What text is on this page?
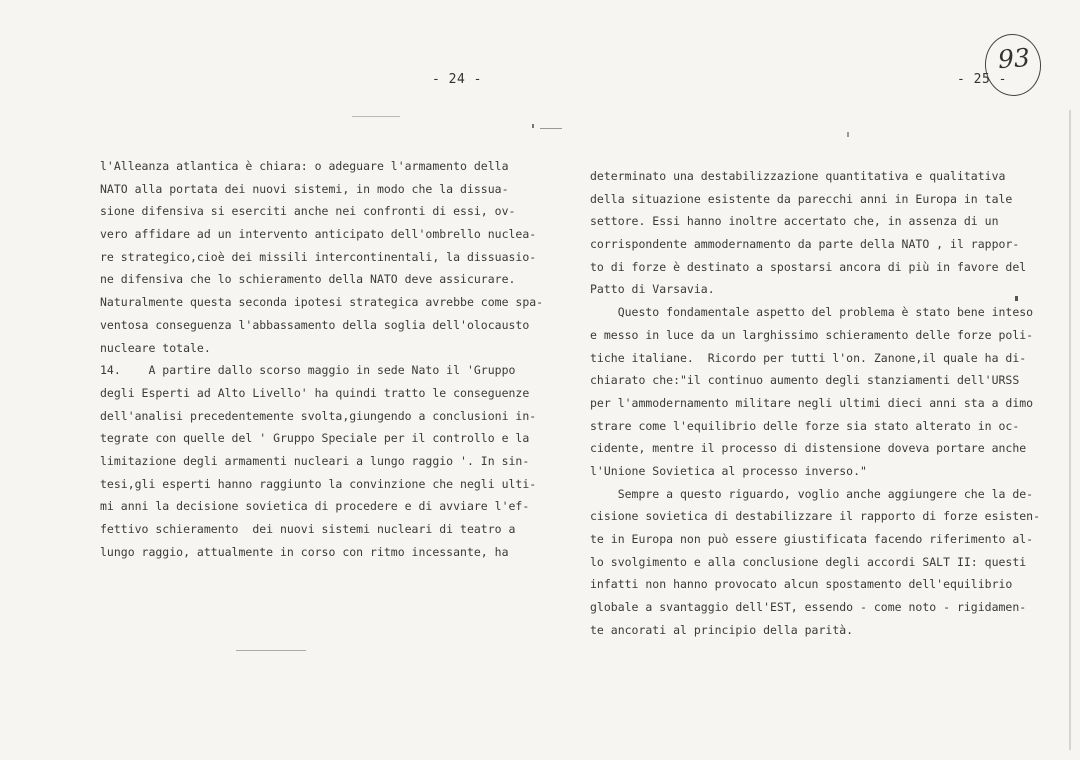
- 24 -	- 25 -
93
l'Alleanza atlantica è chiara: o adeguare l'armamento della
NATO alla portata dei nuovi sistemi, in modo che la dissua-
sione difensiva si eserciti anche nei confronti di essi, ov-
vero affidare ad un intervento anticipato dell'ombrello nuclea-
re strategico,cioè dei missili intercontinentali, la dissuasio-
ne difensiva che lo schieramento della NATO deve assicurare.
Naturalmente questa seconda ipotesi strategica avrebbe come spa-
ventosa conseguenza l'abbassamento della soglia dell'olocausto
nucleare totale.
14.    A partire dallo scorso maggio in sede Nato il 'Gruppo
degli Esperti ad Alto Livello' ha quindi tratto le conseguenze
dell'analisi precedentemente svolta,giungendo a conclusioni in-
tegrate con quelle del ' Gruppo Speciale per il controllo e la
limitazione degli armamenti nucleari a lungo raggio '. In sin-
tesi,gli esperti hanno raggiunto la convinzione che negli ulti-
mi anni la decisione sovietica di procedere e di avviare l'ef-
fettivo schieramento  dei nuovi sistemi nucleari di teatro a
lungo raggio, attualmente in corso con ritmo incessante, ha
determinato una destabilizzazione quantitativa e qualitativa
della situazione esistente da parecchi anni in Europa in tale
settore. Essi hanno inoltre accertato che, in assenza di un
corrispondente ammodernamento da parte della NATO , il rappor-
to di forze è destinato a spostarsi ancora di più in favore del
Patto di Varsavia.
Questo fondamentale aspetto del problema è stato bene inteso
e messo in luce da un larghissimo schieramento delle forze poli-
tiche italiane.  Ricordo per tutti l'on. Zanone,il quale ha di-
chiarato che:"il continuo aumento degli stanziamenti dell'URSS
per l'ammodernamento militare negli ultimi dieci anni sta a dimo
strare come l'equilibrio delle forze sia stato alterato in oc-
cidente, mentre il processo di distensione doveva portare anche
l'Unione Sovietica al processo inverso."
Sempre a questo riguardo, voglio anche aggiungere che la de-
cisione sovietica di destabilizzare il rapporto di forze esisten-
te in Europa non può essere giustificata facendo riferimento al-
lo svolgimento e alla conclusione degli accordi SALT II: questi
infatti non hanno provocato alcun spostamento dell'equilibrio
globale a svantaggio dell'EST, essendo - come noto - rigidamen-
te ancorati al principio della parità.
